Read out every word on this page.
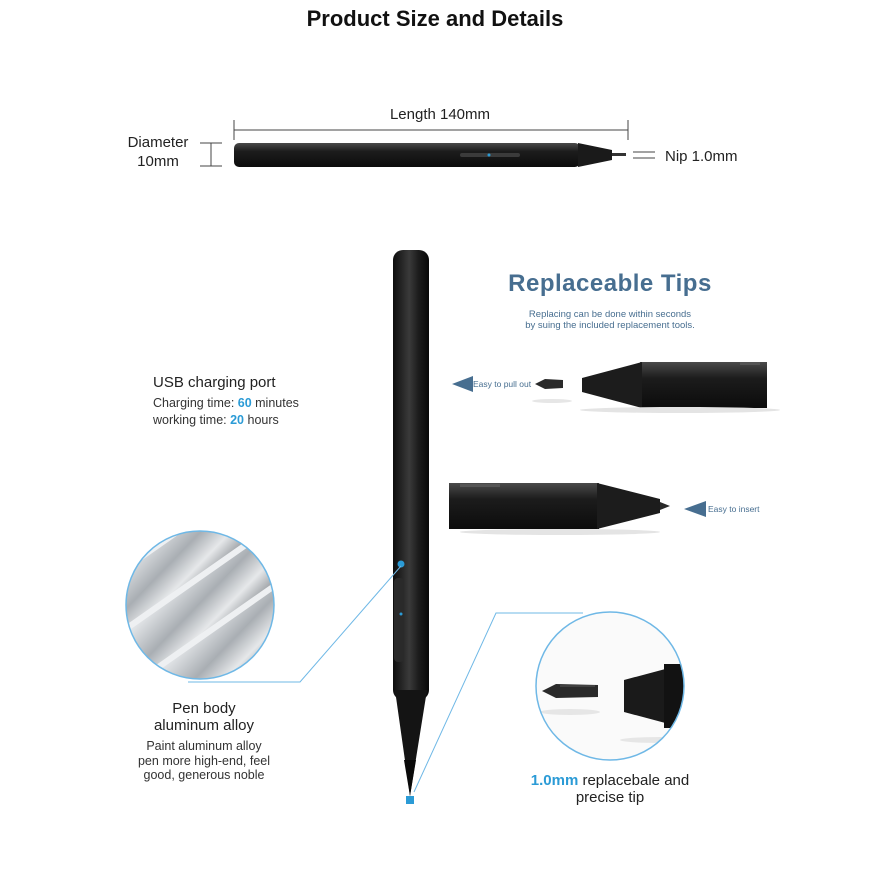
Product Size and Details
Length 140mm
Diameter
10mm	Nip 1.0mm
USB charging port
Charging time: 60 minutes
working time: 20 hours
Pen body
aluminum alloy
Paint aluminum alloy
pen more high-end, feel
good, generous noble
Replaceable Tips
Replacing can be done within seconds
by suing the included replacement tools.
Easy to pull out
Easy to insert
1.0mm replacebale and
precise tip
